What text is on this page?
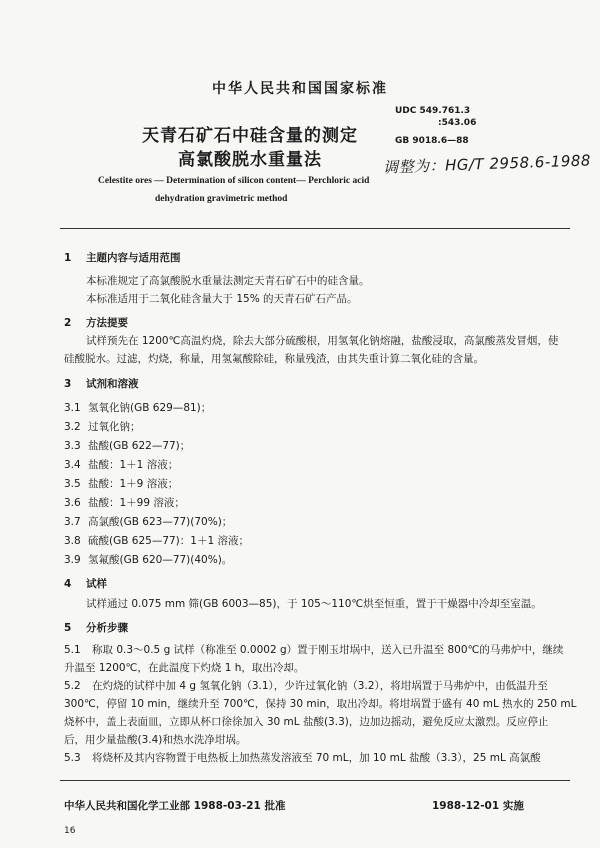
中华人民共和国国家标准
天青石矿石中硅含量的测定
高氯酸脱水重量法
UDC 549.761.3
:543.06
GB 9018.6—88
调整为：HG/T 2958.6-1988
Celestite ores — Determination of silicon content— Perchloric acid
dehydration gravimetric method
1 主题内容与适用范围
本标准规定了高氯酸脱水重量法测定天青石矿石中的硅含量。
本标准适用于二氧化硅含量大于 15% 的天青石矿石产品。
2 方法提要
试样预先在 1200℃高温灼烧，除去大部分硫酸根，用氢氧化钠熔融，盐酸浸取，高氯酸蒸发冒烟，使
硅酸脱水。过滤，灼烧，称量，用氢氟酸除硅，称量残渣，由其失重计算二氧化硅的含量。
3 试剂和溶液
3.1 氢氧化钠(GB 629—81)；
3.2 过氧化钠；
3.3 盐酸(GB 622—77)；
3.4 盐酸：1＋1 溶液；
3.5 盐酸：1＋9 溶液；
3.6 盐酸：1＋99 溶液；
3.7 高氯酸(GB 623—77)(70%)；
3.8 硫酸(GB 625—77)：1＋1 溶液；
3.9 氢氟酸(GB 620—77)(40%)。
4 试样
试样通过 0.075 mm 筛(GB 6003—85)，于 105～110℃烘至恒重，置于干燥器中冷却至室温。
5 分析步骤
5.1 称取 0.3～0.5 g 试样（称准至 0.0002 g）置于刚玉坩埚中，送入已升温至 800℃的马弗炉中，继续
升温至 1200℃，在此温度下灼烧 1 h，取出冷却。
5.2 在灼烧的试样中加 4 g 氢氧化钠（3.1），少许过氧化钠（3.2），将坩埚置于马弗炉中，由低温升至
300℃，停留 10 min，继续升至 700℃，保持 30 min，取出冷却。将坩埚置于盛有 40 mL 热水的 250 mL
烧杯中，盖上表面皿，立即从杯口徐徐加入 30 mL 盐酸(3.3)，边加边摇动，避免反应太激烈。反应停止
后，用少量盐酸(3.4)和热水洗净坩埚。
5.3 将烧杯及其内容物置于电热板上加热蒸发溶液至 70 mL，加 10 mL 盐酸（3.3），25 mL 高氯酸
中华人民共和国化学工业部 1988-03-21 批准	1988-12-01 实施
16
